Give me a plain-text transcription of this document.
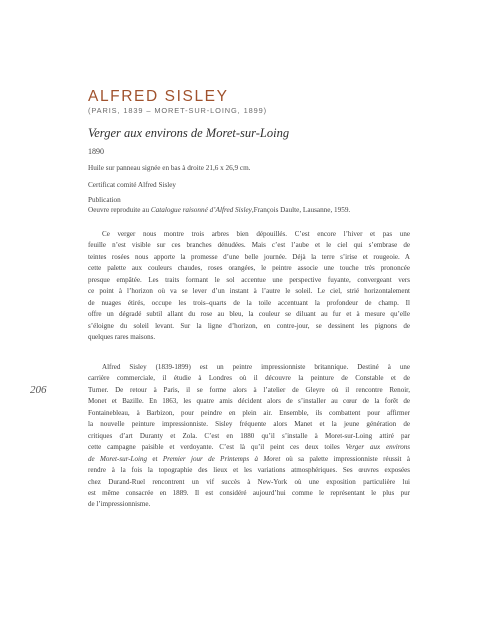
ALFRED SISLEY
(PARIS, 1839 – MORET-SUR-LOING, 1899)
Verger aux environs de Moret-sur-Loing
1890
Huile sur panneau signée en bas à droite 21,6 x 26,9 cm.
Certificat comité Alfred Sisley
Publication
Oeuvre reproduite au Catalogue raisonné d’Alfred Sisley,François Daulte, Lausanne, 1959.
Ce verger nous montre trois arbres bien dépouillés. C’est encore l’hiver et pas une
feuille n’est visible sur ces branches dénudées. Mais c’est l’aube et le ciel qui s’embrase de
teintes rosées nous apporte la promesse d’une belle journée. Déjà la terre s’irise et rougeoie. A
cette palette aux couleurs chaudes, roses orangées, le peintre associe une touche très prononcée
presque empâtée. Les traits formant le sol accentue une perspective fuyante, convergeant vers
ce point à l’horizon où va se lever d’un instant à l’autre le soleil. Le ciel, strié horizontalement
de nuages étirés, occupe les trois–quarts de la toile accentuant la profondeur de champ. Il
offre un dégradé subtil allant du rose au bleu, la couleur se diluant au fur et à mesure qu’elle
s’éloigne du soleil levant. Sur la ligne d’horizon, en contre-jour, se dessinent les pignons de
quelques rares maisons.
206
Alfred Sisley (1839-1899) est un peintre impressionniste britannique. Destiné à une
carrière commerciale, il étudie à Londres où il découvre la peinture de Constable et de
Turner. De retour à Paris, il se forme alors à l’atelier de Gleyre où il rencontre Renoir,
Monet et Bazille. En 1863, les quatre amis décident alors de s’installer au cœur de la forêt de
Fontainebleau, à Barbizon, pour peindre en plein air. Ensemble, ils combattent pour affirmer
la nouvelle peinture impressionniste. Sisley fréquente alors Manet et la jeune génération de
critiques d’art Duranty et Zola. C’est en 1880 qu’il s’installe à Moret-sur-Loing attiré par
cette campagne paisible et verdoyante. C’est là qu’il peint ces deux toiles Verger aux environs
de Moret-sur-Loing et Premier jour de Printemps à Moret où sa palette impressionniste réussit à
rendre à la fois la topographie des lieux et les variations atmosphériques. Ses œuvres exposées
chez Durand-Ruel rencontrent un vif succès à New-York où une exposition particulière lui
est même consacrée en 1889. Il est considéré aujourd’hui comme le représentant le plus pur
de l’impressionnisme.
